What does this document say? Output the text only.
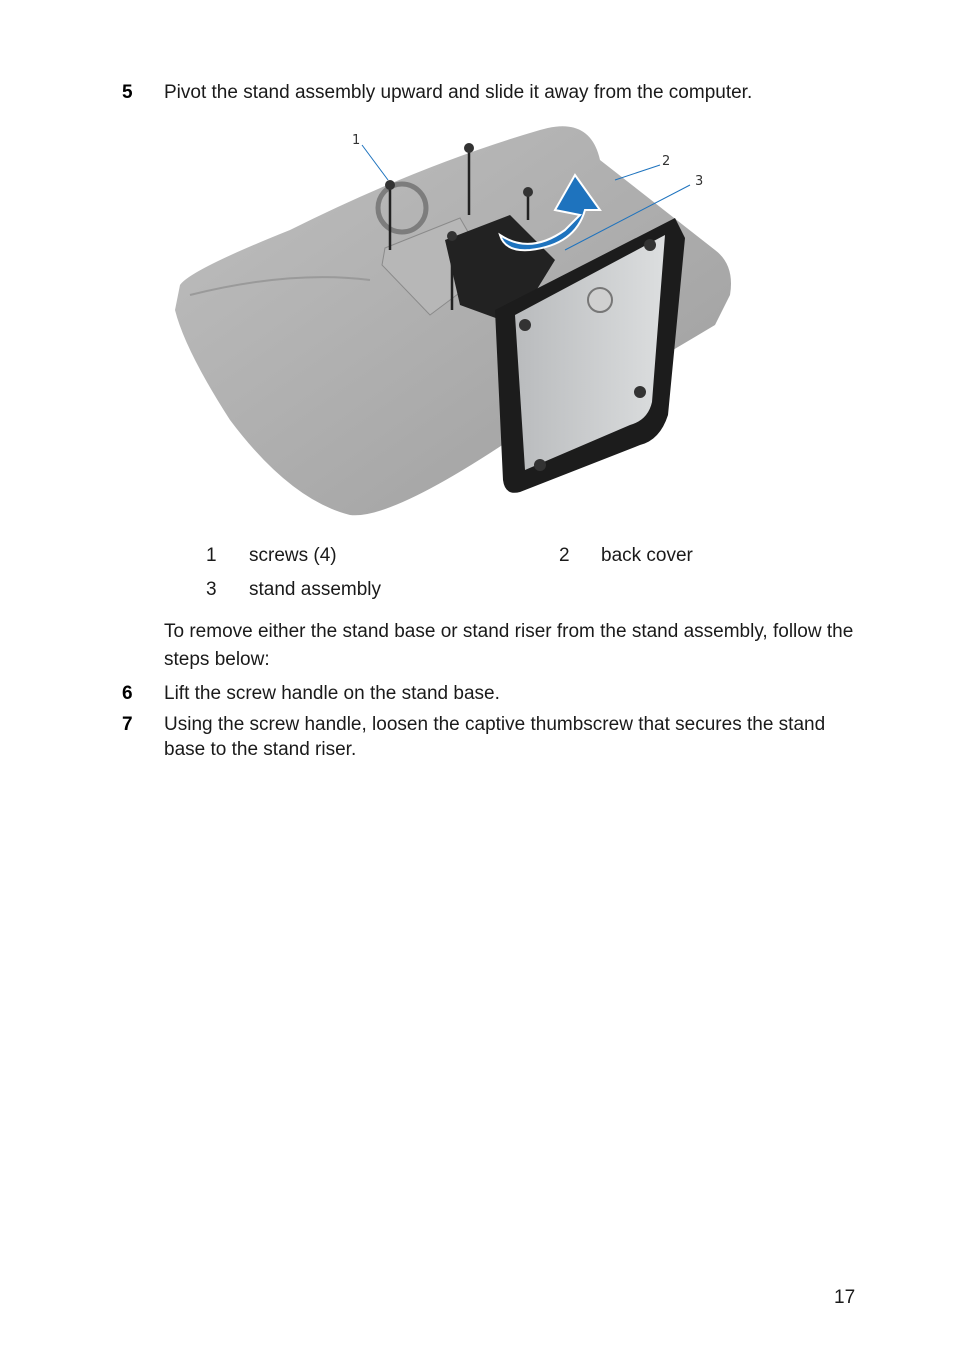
5 Pivot the stand assembly upward and slide it away from the computer.
1
2
3
1 screws (4)	2 back cover
3 stand assembly
To remove either the stand base or stand riser from the stand assembly, follow the steps below:
6 Lift the screw handle on the stand base.
7 Using the screw handle, loosen the captive thumbscrew that secures the stand base to the stand riser.
17
